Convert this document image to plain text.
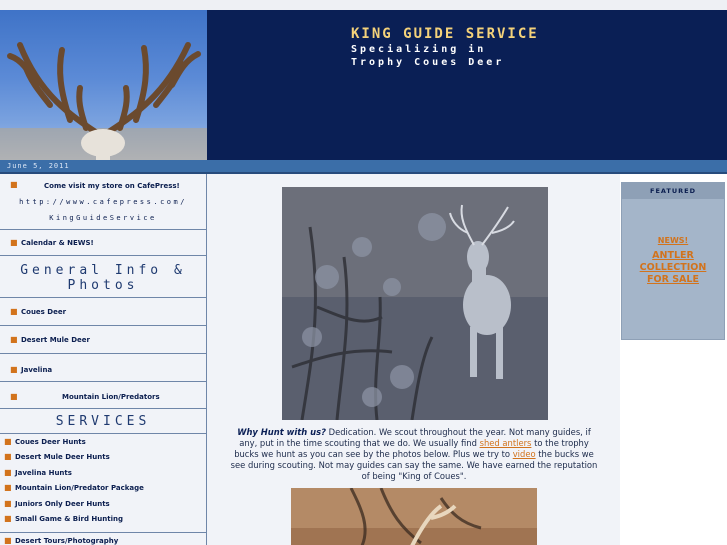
KING GUIDE SERVICE
Specializing in
Trophy Coues Deer
June 5, 2011
■	Come visit my store on CafePress!
http://www.cafepress.com/
KingGuideService
■ Calendar & NEWS!
General Info &
Photos
■ Coues Deer
■ Desert Mule Deer
■ Javelina
■	Mountain Lion/Predators
SERVICES
■ Coues Deer Hunts
■ Desert Mule Deer Hunts
■ Javelina Hunts
■ Mountain Lion/Predator Package
■ Juniors Only Deer Hunts
■ Small Game & Bird Hunting
■ Desert Tours/Photography
Why Hunt with us? Dedication. We scout throughout the year. Not many guides, if any, put in the time scouting that we do. We usually find shed antlers to the trophy bucks we hunt as you can see by the photos below. Plus we try to video the bucks we see during scouting. Not may guides can say the same. We have earned the reputation of being "King of Coues".
FEATURED
NEWS!
ANTLER
COLLECTION
FOR SALE
